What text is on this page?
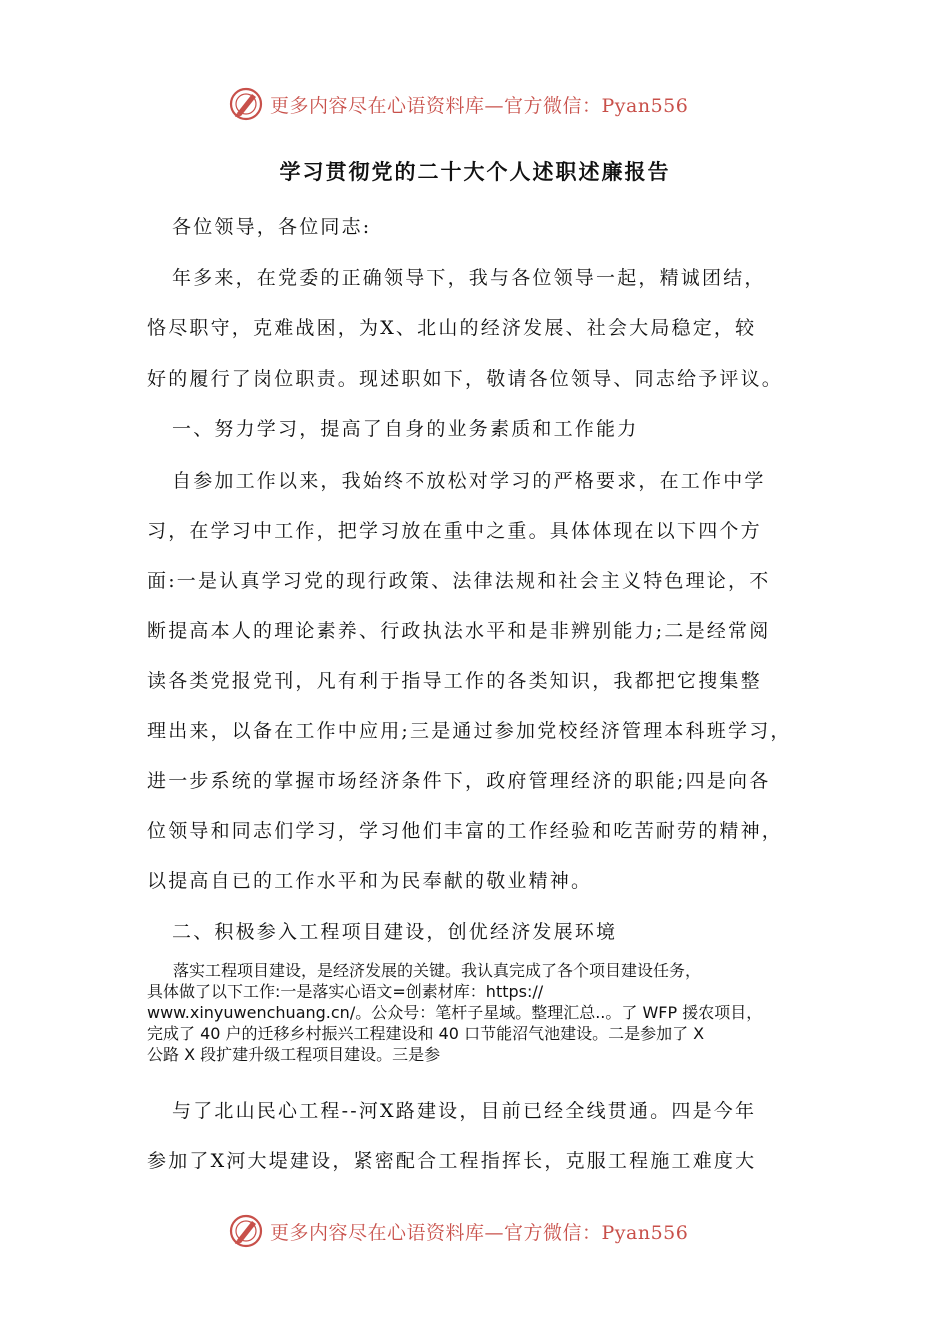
更多内容尽在心语资料库—官方微信：Pyan556
学习贯彻党的二十大个人述职述廉报告
各位领导，各位同志:
年多来，在党委的正确领导下，我与各位领导一起，精诚团结，
恪尽职守，克难战困，为X、北山的经济发展、社会大局稳定，较
好的履行了岗位职责。现述职如下，敬请各位领导、同志给予评议。
一、努力学习，提高了自身的业务素质和工作能力
自参加工作以来，我始终不放松对学习的严格要求，在工作中学
习，在学习中工作，把学习放在重中之重。具体体现在以下四个方
面:一是认真学习党的现行政策、法律法规和社会主义特色理论，不
断提高本人的理论素养、行政执法水平和是非辨别能力;二是经常阅
读各类党报党刊，凡有利于指导工作的各类知识，我都把它搜集整
理出来，以备在工作中应用;三是通过参加党校经济管理本科班学习，
进一步系统的掌握市场经济条件下，政府管理经济的职能;四是向各
位领导和同志们学习，学习他们丰富的工作经验和吃苦耐劳的精神，
以提高自已的工作水平和为民奉献的敬业精神。
二、积极参入工程项目建设，创优经济发展环境
落实工程项目建设，是经济发展的关键。我认真完成了各个项目建设任务，
具体做了以下工作:一是落实心语文=创素材库：https://
www.xinyuwenchuang.cn/。公众号：笔杆子星域。整理汇总..。了 WFP 援农项目，
完成了 40 户的迁移乡村振兴工程建设和 40 口节能沼气池建设。二是参加了 X
公路 X 段扩建升级工程项目建设。三是参
与了北山民心工程--河X路建设，目前已经全线贯通。四是今年
参加了X河大堤建设，紧密配合工程指挥长，克服工程施工难度大
更多内容尽在心语资料库—官方微信：Pyan556
